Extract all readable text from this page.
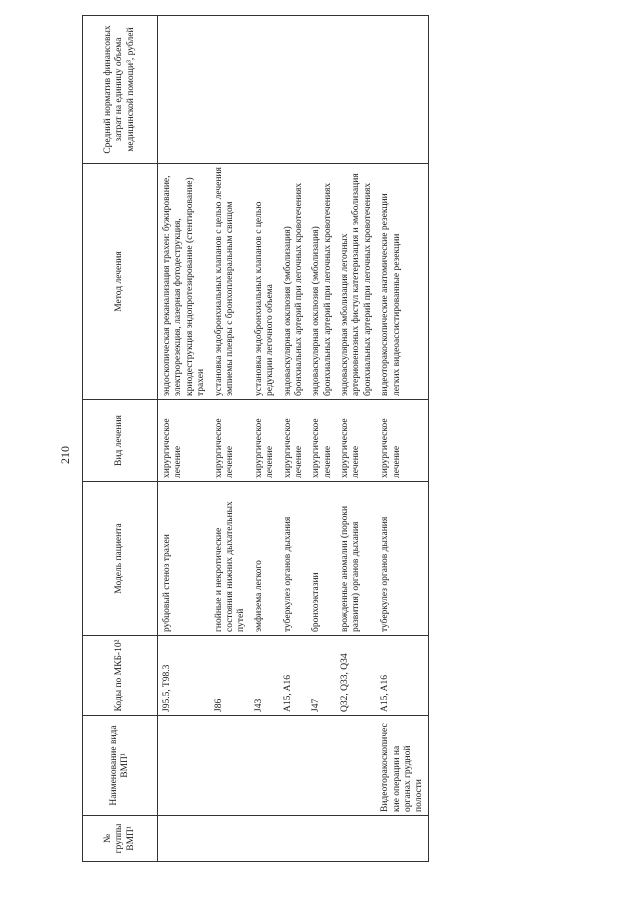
210
№ группы ВМП¹	Наименование вида ВМП¹	Коды по МКБ-10²	Модель пациента	Вид лечения	Метод лечения	Средний норматив финансовых затрат на единицу объема медицинской помощи³, рублей
		J95.5, T98.3	рубцовый стеноз трахеи	хирургическое лечение	эндоскопическая реканализация трахеи: бужирование, электрорезекция, лазерная фотодеструкция, криодеструкция эндопротезирование (стентирование) трахеи	
		J86	гнойные и некротические состояния нижних дыхательных путей	хирургическое лечение	установка эндобронхиальных клапанов с целью лечения эмпиемы плевры с бронхоплевральным свищом	
		J43	эмфизема легкого	хирургическое лечение	установка эндобронхиальных клапанов с целью редукции легочного объема	
		A15, A16	туберкулез органов дыхания	хирургическое лечение	эндоваскулярная окклюзия (эмболизация) бронхиальных артерий при легочных кровотечениях	
		J47	бронхоэктазии	хирургическое лечение	эндоваскулярная окклюзия (эмболизация) бронхиальных артерий при легочных кровотечениях	
		Q32, Q33, Q34	врожденные аномалии (пороки развития) органов дыхания	хирургическое лечение	эндоваскулярная эмболизация легочных артериовенозных фистул катетеризация и эмболизация бронхиальных артерий при легочных кровотечениях	
	Видеоторакоскопические операции на органах грудной полости	A15, A16	туберкулез органов дыхания	хирургическое лечение	видеоторакоскопические анатомические резекции легких видеоассистированные резекции	
